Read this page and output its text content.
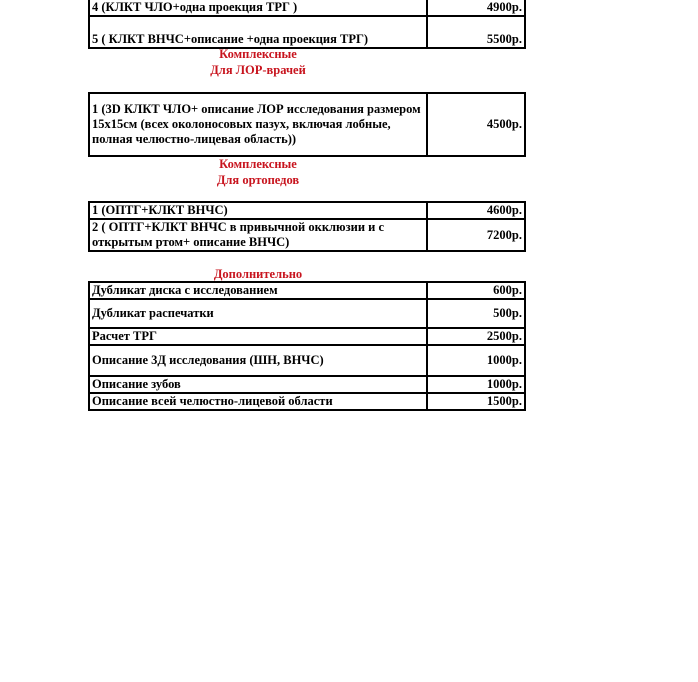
4 (КЛКТ ЧЛО+одна проекция ТРГ )	4900р.
5 ( КЛКТ ВНЧС+описание +одна проекция ТРГ)	5500р.
Комплексные
Для ЛОР-врачей
1 (3D КЛКТ ЧЛО+ описание ЛОР исследования размером 15х15см (всех околоносовых пазух, включая лобные, полная челюстно-лицевая область))	4500р.
Комплексные
Для ортопедов
1 (ОПТГ+КЛКТ ВНЧС)	4600р.
2 ( ОПТГ+КЛКТ ВНЧС в привычной окклюзии и с открытым ртом+ описание ВНЧС)	7200р.
Дополнительно
Дубликат диска с исследованием	600р.
Дубликат распечатки	500р.
Расчет ТРГ	2500р.
Описание 3Д исследования (ШН, ВНЧС)	1000р.
Описание зубов	1000р.
Описание всей челюстно-лицевой области	1500р.
